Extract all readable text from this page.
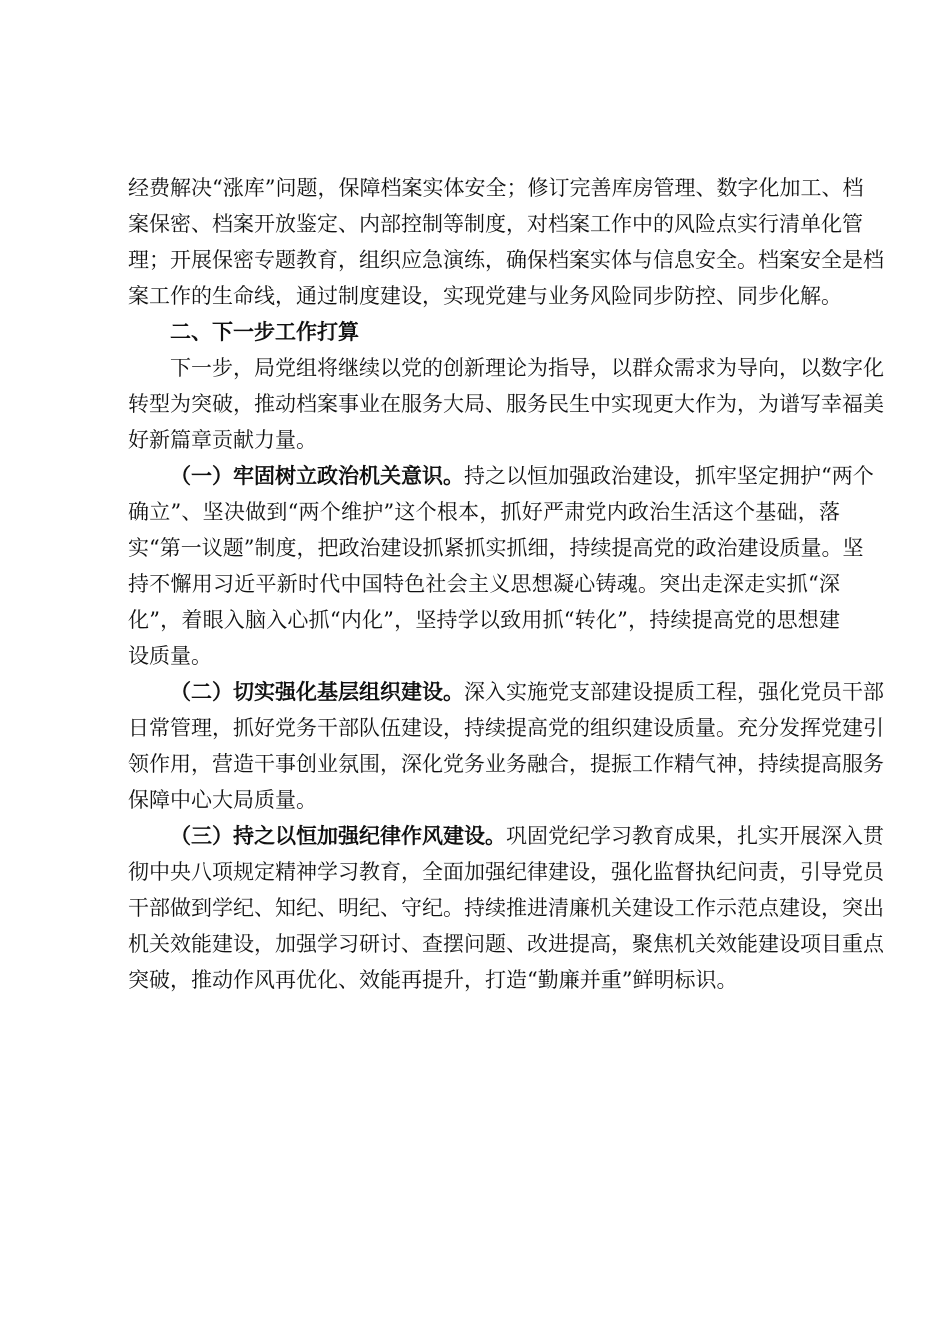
经费解决“涨库”问题，保障档案实体安全；修订完善库房管理、数字化加工、档
案保密、档案开放鉴定、内部控制等制度，对档案工作中的风险点实行清单化管
理；开展保密专题教育，组织应急演练，确保档案实体与信息安全。档案安全是档
案工作的生命线，通过制度建设，实现党建与业务风险同步防控、同步化解。
二、下一步工作打算
下一步，局党组将继续以党的创新理论为指导，以群众需求为导向，以数字化
转型为突破，推动档案事业在服务大局、服务民生中实现更大作为，为谱写幸福美
好新篇章贡献力量。
（一）牢固树立政治机关意识。持之以恒加强政治建设，抓牢坚定拥护“两个
确立”、坚决做到“两个维护”这个根本，抓好严肃党内政治生活这个基础，落
实“第一议题”制度，把政治建设抓紧抓实抓细，持续提高党的政治建设质量。坚
持不懈用习近平新时代中国特色社会主义思想凝心铸魂。突出走深走实抓“深
化”，着眼入脑入心抓“内化”，坚持学以致用抓“转化”，持续提高党的思想建
设质量。
（二）切实强化基层组织建设。深入实施党支部建设提质工程，强化党员干部
日常管理，抓好党务干部队伍建设，持续提高党的组织建设质量。充分发挥党建引
领作用，营造干事创业氛围，深化党务业务融合，提振工作精气神，持续提高服务
保障中心大局质量。
（三）持之以恒加强纪律作风建设。巩固党纪学习教育成果，扎实开展深入贯
彻中央八项规定精神学习教育，全面加强纪律建设，强化监督执纪问责，引导党员
干部做到学纪、知纪、明纪、守纪。持续推进清廉机关建设工作示范点建设，突出
机关效能建设，加强学习研讨、查摆问题、改进提高，聚焦机关效能建设项目重点
突破，推动作风再优化、效能再提升，打造“勤廉并重”鲜明标识。
